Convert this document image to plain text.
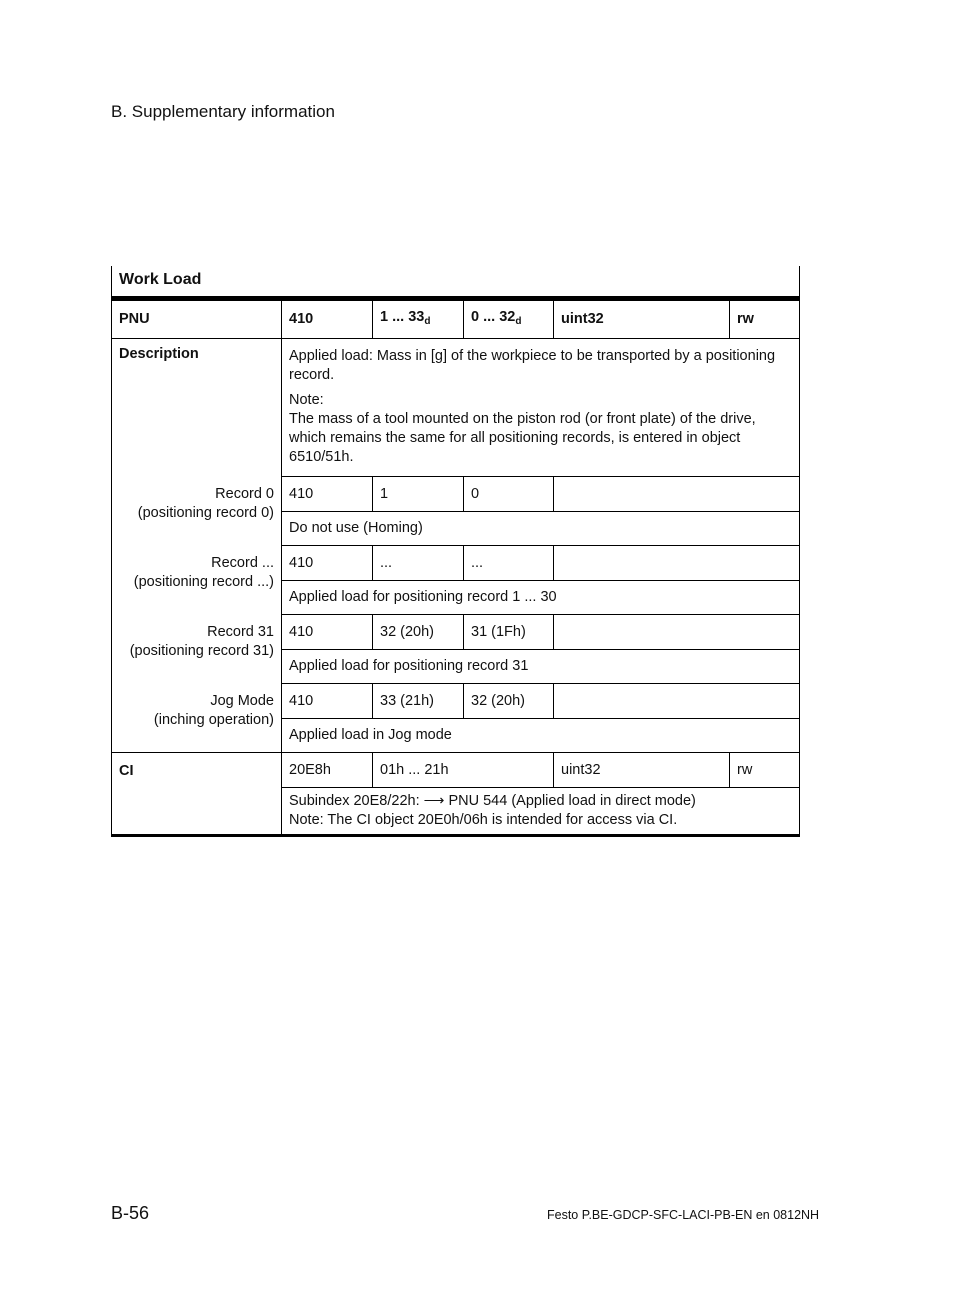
B. Supplementary information
Work Load
PNU	410	1 ... $33_d$	0 ... $32_d$	uint32	rw
Description	Applied load: Mass in [g] of the workpiece to be transported by a positioning record.

Note:

The mass of a tool mounted on the piston rod (or front plate) of the drive, which remains the same for all positioning records, is entered in object 6510/51h.				

Record 0
(positioning record 0)	410	1	0		
	Do not use (Homing)				
Record ...
(positioning record ...)	410	...	...		
	Applied load for positioning record 1 ... 30				
Record 31
(positioning record 31)	410	32 (20h)	31 (1Fh)		
	Applied load for positioning record 31				
Jog Mode
(inching operation)	410	33 (21h)	32 (20h)		
	Applied load in Jog mode				
CI	20E8h	01h ... 21h		uint32	rw
	Subindex 20E8/22h: ⟶ PNU 544 (Applied load in direct mode)
Note: The CI object 20E0h/06h is intended for access via CI.				
B-56	Festo P.BE-GDCP-SFC-LACI-PB-EN en 0812NH
